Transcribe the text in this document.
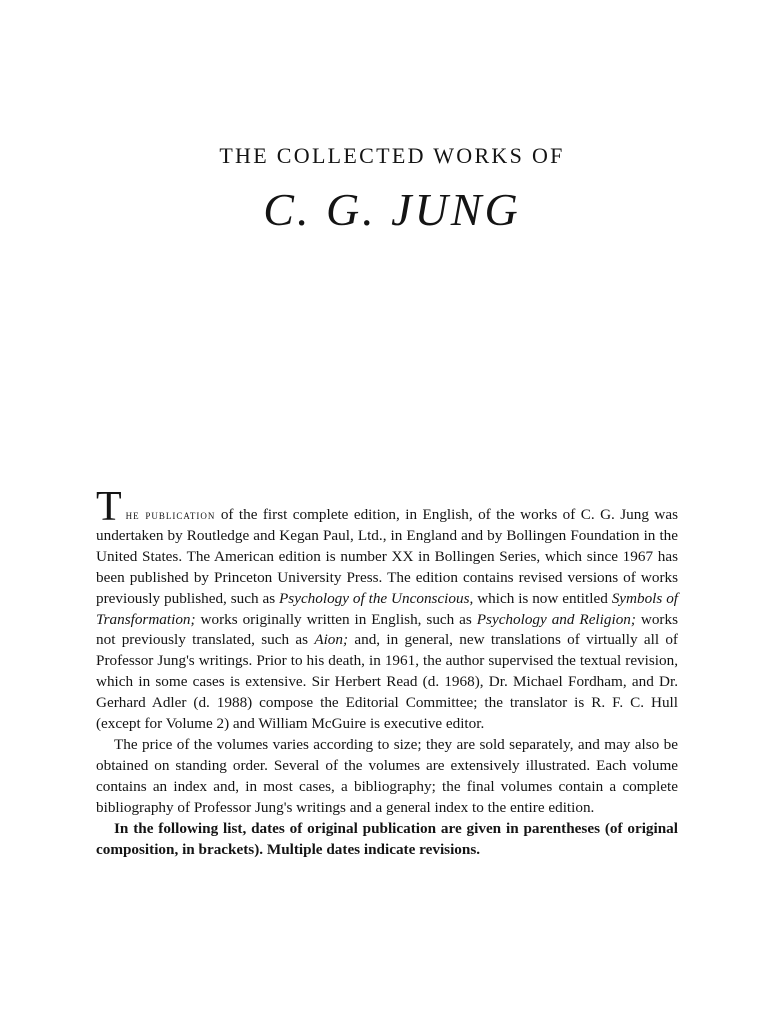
THE COLLECTED WORKS OF
C. G. JUNG

The publication of the first complete edition, in English, of the works of C. G. Jung was undertaken by Routledge and Kegan Paul, Ltd., in England and by Bollingen Foundation in the United States. The American edition is number XX in Bollingen Series, which since 1967 has been published by Princeton University Press. The edition contains revised versions of works previously published, such as Psychology of the Unconscious, which is now entitled Symbols of Transformation; works originally written in English, such as Psychology and Religion; works not previously translated, such as Aion; and, in general, new translations of virtually all of Professor Jung's writings. Prior to his death, in 1961, the author supervised the textual revision, which in some cases is extensive. Sir Herbert Read (d. 1968), Dr. Michael Fordham, and Dr. Gerhard Adler (d. 1988) compose the Editorial Committee; the translator is R. F. C. Hull (except for Volume 2) and William McGuire is executive editor.

The price of the volumes varies according to size; they are sold separately, and may also be obtained on standing order. Several of the volumes are extensively illustrated. Each volume contains an index and, in most cases, a bibliography; the final volumes contain a complete bibliography of Professor Jung's writings and a general index to the entire edition.

In the following list, dates of original publication are given in parentheses (of original composition, in brackets). Multiple dates indicate revisions.
